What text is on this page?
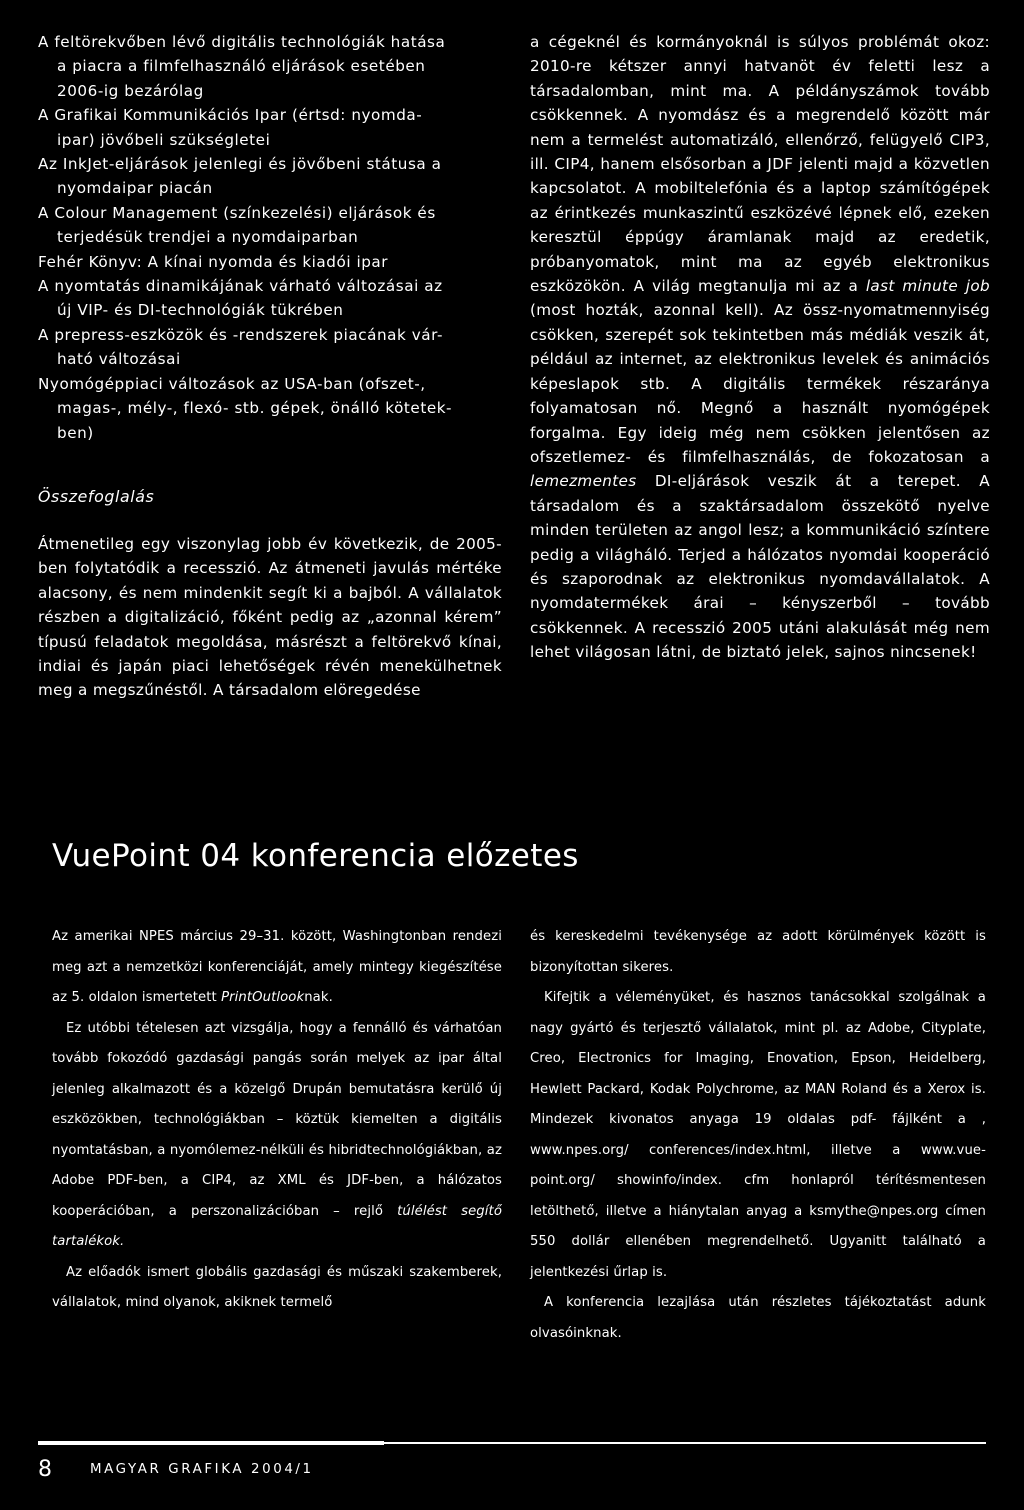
A feltörekvőben lévő digitális technológiák hatása
a piacra a filmfelhasználó eljárások esetében
2006-ig bezárólag

A Grafikai Kommunikációs Ipar (értsd: nyomda-
ipar) jövőbeli szükségletei

Az InkJet-eljárások jelenlegi és jövőbeni státusa a
nyomdaipar piacán

A Colour Management (színkezelési) eljárások és
terjedésük trendjei a nyomdaiparban

Fehér Könyv: A kínai nyomda és kiadói ipar

A nyomtatás dinamikájának várható változásai az
új VIP- és DI-technológiák tükrében

A prepress-eszközök és -rendszerek piacának vár-
ható változásai

Nyomógéppiaci változások az USA-ban (ofszet-,
magas-, mély-, flexó- stb. gépek, önálló kötetek-
ben)

Összefoglalás

Átmenetileg egy viszonylag jobb év következik, de 2005-ben folytatódik a recesszió. Az átmeneti javulás mértéke alacsony, és nem mindenkit segít ki a bajból. A vállalatok részben a digitalizáció, főként pedig az „azonnal kérem” típusú feladatok megoldása, másrészt a feltörekvő kínai, indiai és japán piaci lehetőségek révén menekülhetnek meg a megszűnéstől. A társadalom elöregedése

a cégeknél és kormányoknál is súlyos problémát okoz: 2010-re kétszer annyi hatvanöt év feletti lesz a társadalomban, mint ma. A példányszámok tovább csökkennek. A nyomdász és a megrendelő között már nem a termelést automatizáló, ellenőrző, felügyelő CIP3, ill. CIP4, hanem elsősorban a JDF jelenti majd a közvetlen kapcsolatot. A mobiltelefónia és a laptop számítógépek az érintkezés munkaszintű eszközévé lépnek elő, ezeken keresztül éppúgy áramlanak majd az eredetik, próbanyomatok, mint ma az egyéb elektronikus eszközökön. A világ megtanulja mi az a last minute job (most hozták, azonnal kell). Az össz-nyomatmennyiség csökken, szerepét sok tekintetben más médiák veszik át, például az internet, az elektronikus levelek és animációs képeslapok stb. A digitális termékek részaránya folyamatosan nő. Megnő a használt nyomógépek forgalma. Egy ideig még nem csökken jelentősen az ofszetlemez- és filmfelhasználás, de fokozatosan a lemezmentes DI-eljárások veszik át a terepet. A társadalom és a szaktársadalom összekötő nyelve minden területen az angol lesz; a kommunikáció színtere pedig a világháló. Terjed a hálózatos nyomdai kooperáció és szaporodnak az elektronikus nyomdavállalatok. A nyomdatermékek árai – kényszerből – tovább csökkennek. A recesszió 2005 utáni alakulását még nem lehet világosan látni, de biztató jelek, sajnos nincsenek!

VuePoint 04 konferencia előzetes

Az amerikai NPES március 29–31. között, Washingtonban rendezi meg azt a nemzetközi konferenciáját, amely mintegy kiegészítése az 5. oldalon ismertetett PrintOutlooknak.

Ez utóbbi tételesen azt vizsgálja, hogy a fennálló és várhatóan tovább fokozódó gazdasági pangás során melyek az ipar által jelenleg alkalmazott és a közelgő Drupán bemutatásra kerülő új eszközökben, technológiákban – köztük kiemelten a digitális nyomtatásban, a nyomólemez-nélküli és hibridtechnológiákban, az Adobe PDF-ben, a CIP4, az XML és JDF-ben, a hálózatos kooperációban, a perszonalizációban – rejlő túlélést segítő tartalékok.

Az előadók ismert globális gazdasági és műszaki szakemberek, vállalatok, mind olyanok, akiknek termelő

és kereskedelmi tevékenysége az adott körülmények között is bizonyítottan sikeres.

Kifejtik a véleményüket, és hasznos tanácsokkal szolgálnak a nagy gyártó és terjesztő vállalatok, mint pl. az Adobe, Cityplate, Creo, Electronics for Imaging, Enovation, Epson, Heidelberg, Hewlett Packard, Kodak Polychrome, az MAN Roland és a Xerox is. Mindezek kivonatos anyaga 19 oldalas pdf- fájlként a , www.npes.org/ conferences/index.html, illetve a www.vue-point.org/ showinfo/index. cfm honlapról térítésmentesen letölthető, illetve a hiánytalan anyag a ksmythe@npes.org címen 550 dollár ellenében megrendelhető. Ugyanitt található a jelentkezési űrlap is.

A konferencia lezajlása után részletes tájékoztatást adunk olvasóinknak.

8	MAGYAR GRAFIKA 2004/1
